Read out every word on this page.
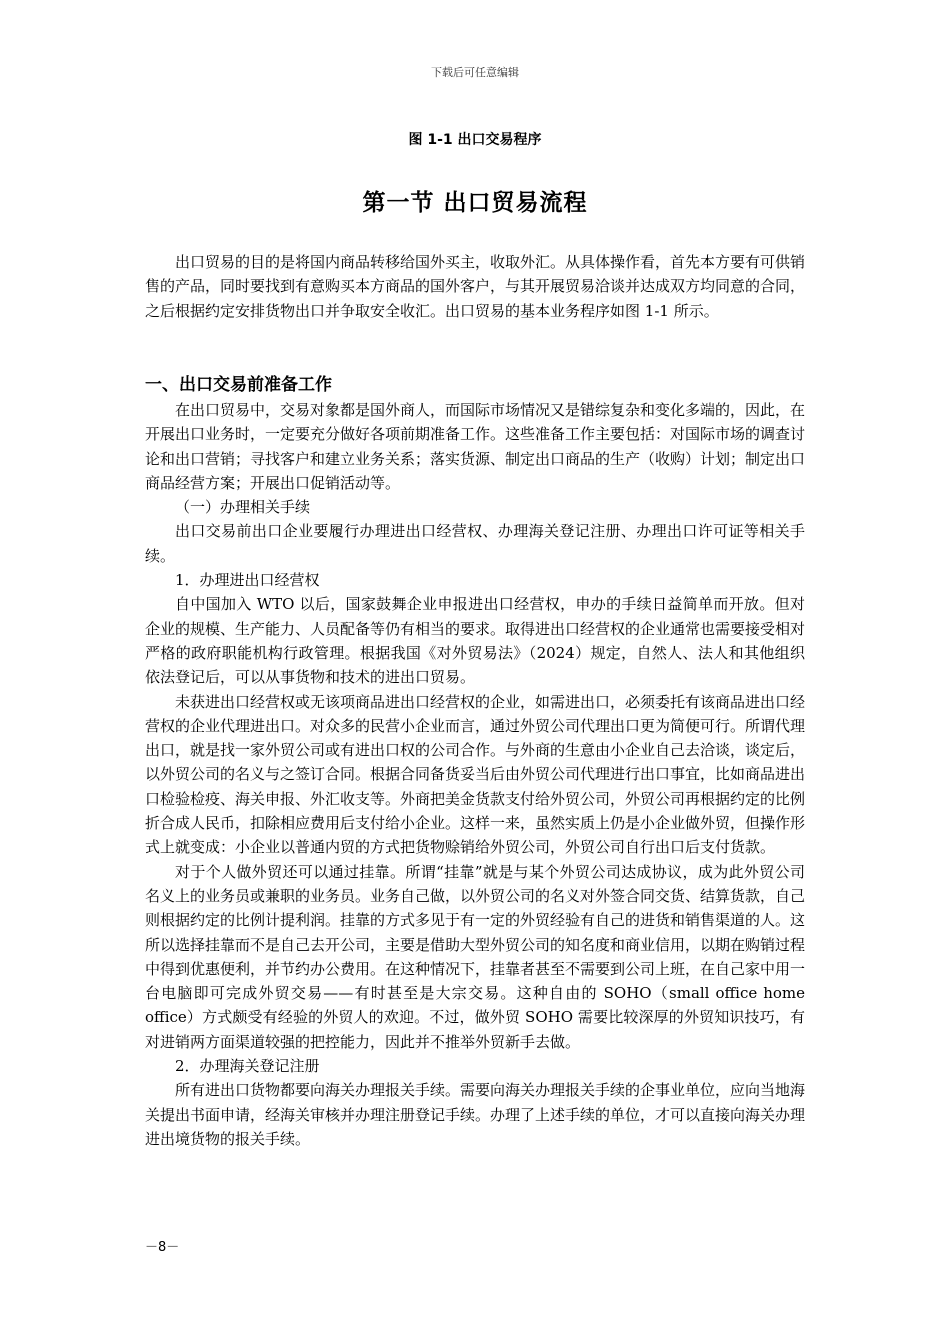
下载后可任意编辑
图 1-1 出口交易程序
第一节 出口贸易流程

出口贸易的目的是将国内商品转移给国外买主，收取外汇。从具体操作看，首先本方要有可供销售的产品，同时要找到有意购买本方商品的国外客户，与其开展贸易洽谈并达成双方均同意的合同，之后根据约定安排货物出口并争取安全收汇。出口贸易的基本业务程序如图 1-1 所示。

一、出口交易前准备工作

在出口贸易中，交易对象都是国外商人，而国际市场情况又是错综复杂和变化多端的，因此，在开展出口业务时，一定要充分做好各项前期准备工作。这些准备工作主要包括：对国际市场的调查讨论和出口营销；寻找客户和建立业务关系；落实货源、制定出口商品的生产（收购）计划；制定出口商品经营方案；开展出口促销活动等。

（一）办理相关手续

出口交易前出口企业要履行办理进出口经营权、办理海关登记注册、办理出口许可证等相关手续。

1．办理进出口经营权

自中国加入 WTO 以后，国家鼓舞企业申报进出口经营权，申办的手续日益简单而开放。但对企业的规模、生产能力、人员配备等仍有相当的要求。取得进出口经营权的企业通常也需要接受相对严格的政府职能机构行政管理。根据我国《对外贸易法》（2024）规定，自然人、法人和其他组织依法登记后，可以从事货物和技术的进出口贸易。

未获进出口经营权或无该项商品进出口经营权的企业，如需进出口，必须委托有该商品进出口经营权的企业代理进出口。对众多的民营小企业而言，通过外贸公司代理出口更为简便可行。所谓代理出口，就是找一家外贸公司或有进出口权的公司合作。与外商的生意由小企业自己去洽谈，谈定后，以外贸公司的名义与之签订合同。根据合同备货妥当后由外贸公司代理进行出口事宜，比如商品进出口检验检疫、海关申报、外汇收支等。外商把美金货款支付给外贸公司，外贸公司再根据约定的比例折合成人民币，扣除相应费用后支付给小企业。这样一来，虽然实质上仍是小企业做外贸，但操作形式上就变成：小企业以普通内贸的方式把货物赊销给外贸公司，外贸公司自行出口后支付货款。

对于个人做外贸还可以通过挂靠。所谓“挂靠”就是与某个外贸公司达成协议，成为此外贸公司名义上的业务员或兼职的业务员。业务自己做，以外贸公司的名义对外签合同交货、结算货款，自己则根据约定的比例计提利润。挂靠的方式多见于有一定的外贸经验有自己的进货和销售渠道的人。这所以选择挂靠而不是自己去开公司，主要是借助大型外贸公司的知名度和商业信用，以期在购销过程中得到优惠便利，并节约办公费用。在这种情况下，挂靠者甚至不需要到公司上班，在自己家中用一台电脑即可完成外贸交易——有时甚至是大宗交易。这种自由的 SOHO（small office home office）方式颇受有经验的外贸人的欢迎。不过，做外贸 SOHO 需要比较深厚的外贸知识技巧，有对进销两方面渠道较强的把控能力，因此并不推举外贸新手去做。

2．办理海关登记注册

所有进出口货物都要向海关办理报关手续。需要向海关办理报关手续的企事业单位，应向当地海关提出书面申请，经海关审核并办理注册登记手续。办理了上述手续的单位，才可以直接向海关办理进出境货物的报关手续。

－8－
